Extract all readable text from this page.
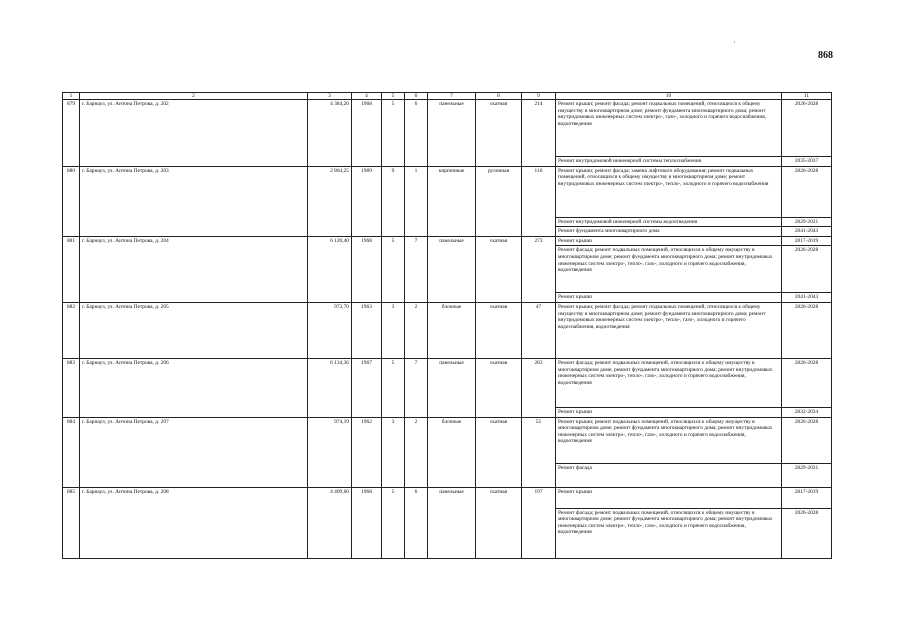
868
·
1	2	3	4	5	6	7	8	9	10	11
879	г. Барнаул, ул. Антона Петрова, д. 202	4 384,20	1968	5	6	панельные	скатная	214	Ремонт крыши; ремонт фасада; ремонт подвальных помещений, относящихся к общему имуществу в многоквартирном доме; ремонт фундамента многоквартирного дома; ремонт внутридомовых инженерных систем электро-, газо-, холодного и горячего водоснабжения, водоотведения	2026-2028
									Ремонт внутридомовой инженерной системы теплоснабжения	2035-2037
880	г. Барнаул, ул. Антона Петрова, д. 203	2 864,25	1989	9	1	кирпичные	рулонная	116	Ремонт крыши; ремонт фасада; замена лифтового оборудования; ремонт подвальных помещений, относящихся к общему имуществу в многоквартирном доме; ремонт внутридомовых инженерных систем электро-, тепло-, холодного и горячего водоснабжения	2026-2028
									Ремонт внутридомовой инженерной системы водоотведения	2029-2031
									Ремонт фундамента многоквартирного дома	2041-2043
881	г. Барнаул, ул. Антона Петрова, д. 204	6 120,40	1968	5	7	панельные	скатная	273	Ремонт крыши	2017-2019
									Ремонт фасада; ремонт подвальных помещений, относящихся к общему имуществу в многоквартирном доме; ремонт фундамента многоквартирного дома; ремонт внутридомовых инженерных систем электро-, тепло-, газо-, холодного и горячего водоснабжения, водоотведения	2026-2028
									Ремонт крыши	2041-2043
882	г. Барнаул, ул. Антона Петрова, д. 205	972,70	1963	3	2	блочные	скатная	47	Ремонт крыши; ремонт фасада; ремонт подвальных помещений, относящихся к общему имуществу в многоквартирном доме; ремонт фундамента многоквартирного дома; ремонт внутридомовых инженерных систем электро-, тепло-, газо-, холодного и горячего водоснабжения, водоотведения	2026-2028
883	г. Барнаул, ул. Антона Петрова, д. 206	6 134,36	1967	5	7	панельные	скатная	283	Ремонт фасада; ремонт подвальных помещений, относящихся к общему имуществу в многоквартирном доме; ремонт фундамента многоквартирного дома; ремонт внутридомовых инженерных систем электро-, тепло-, газо-, холодного и горячего водоснабжения, водоотведения	2026-2028
									Ремонт крыши	2032-2034
884	г. Барнаул, ул. Антона Петрова, д. 207	974,19	1962	3	2	блочные	скатная	55	Ремонт крыши; ремонт подвальных помещений, относящихся к общему имуществу в многоквартирном доме; ремонт фундамента многоквартирного дома; ремонт внутридомовых инженерных систем электро-, тепло-, газо-, холодного и горячего водоснабжения, водоотведения	2026-2028
									Ремонт фасада	2029-2031
885	г. Барнаул, ул. Антона Петрова, д. 208	4 409,60	1968	5	6	панельные	скатная	197	Ремонт крыши	2017-2019
									Ремонт фасада; ремонт подвальных помещений, относящихся к общему имуществу в многоквартирном доме; ремонт фундамента многоквартирного дома; ремонт внутридомовых инженерных систем электро-, тепло-, газо-, холодного и горячего водоснабжения, водоотведения	2026-2028
